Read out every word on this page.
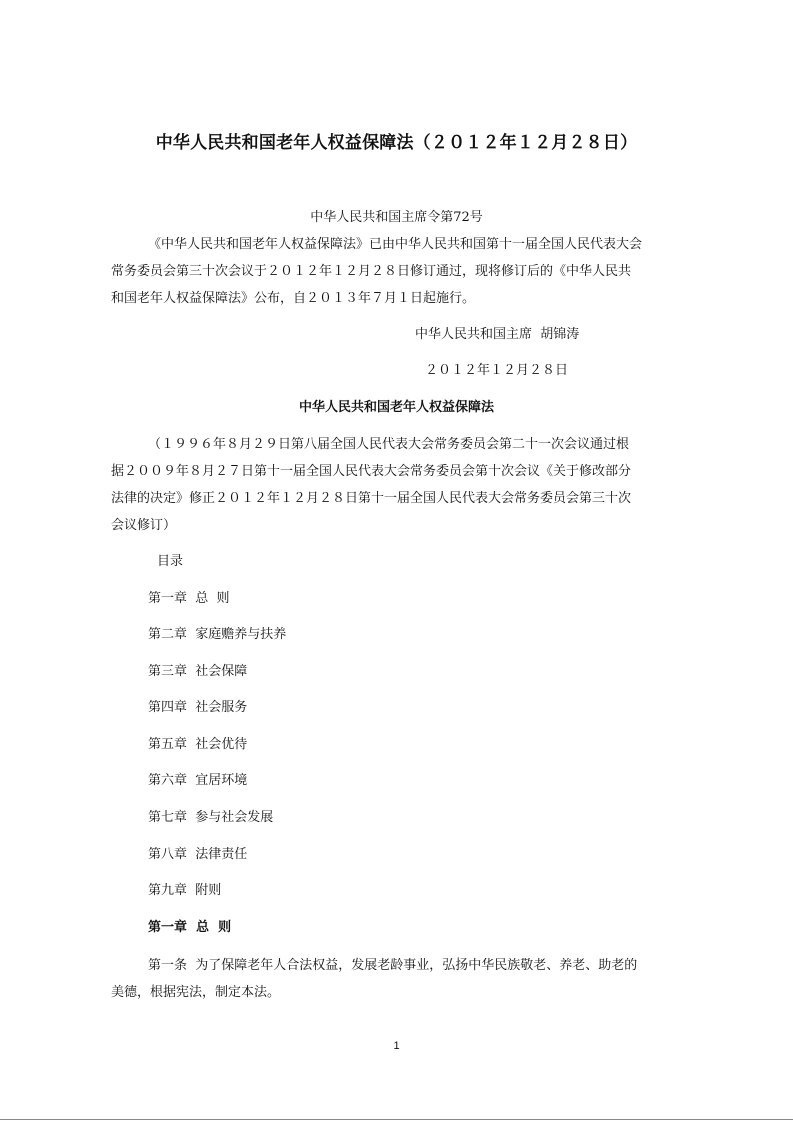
中华人民共和国老年人权益保障法（２０１２年１２月２８日）
中华人民共和国主席令第72号
《中华人民共和国老年人权益保障法》已由中华人民共和国第十一届全国人民代表大会
常务委员会第三十次会议于２０１２年１２月２８日修订通过，现将修订后的《中华人民共
和国老年人权益保障法》公布，自２０１３年７月１日起施行。
中华人民共和国主席  胡锦涛
２０１２年１２月２８日
中华人民共和国老年人权益保障法
（１９９６年８月２９日第八届全国人民代表大会常务委员会第二十一次会议通过根
据２００９年８月２７日第十一届全国人民代表大会常务委员会第十次会议《关于修改部分
法律的决定》修正２０１２年１２月２８日第十一届全国人民代表大会常务委员会第三十次
会议修订）
目录
第一章  总  则
第二章  家庭赡养与扶养
第三章  社会保障
第四章  社会服务
第五章  社会优待
第六章  宜居环境
第七章  参与社会发展
第八章  法律责任
第九章  附则
第一章  总  则
第一条  为了保障老年人合法权益，发展老龄事业，弘扬中华民族敬老、养老、助老的
美德，根据宪法，制定本法。
1
